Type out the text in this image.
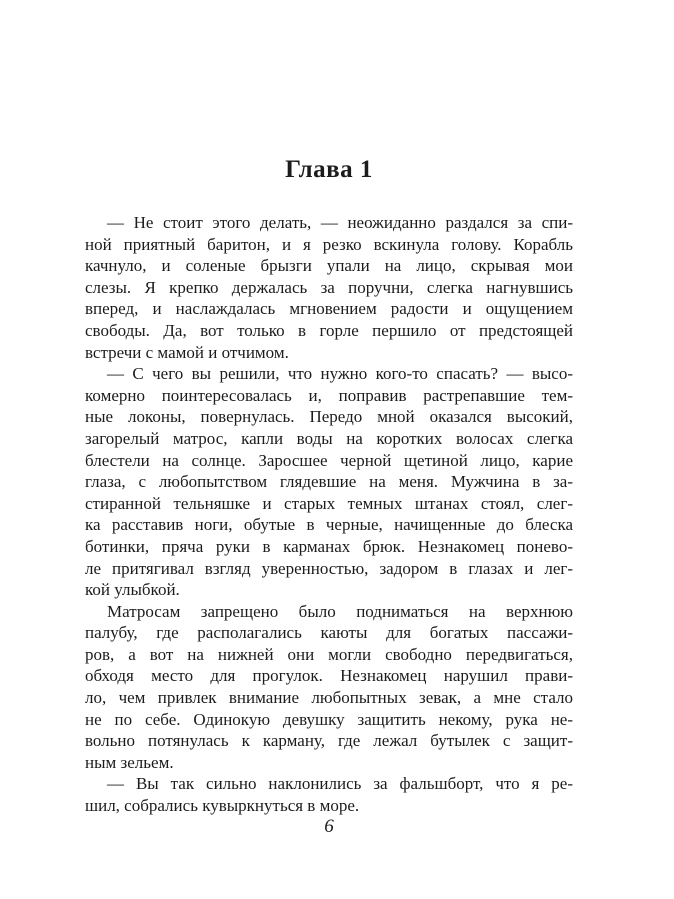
Глава 1
— Не стоит этого делать, — неожиданно раздался за спи-
ной приятный баритон, и я резко вскинула голову. Корабль
качнуло, и соленые брызги упали на лицо, скрывая мои
слезы. Я крепко держалась за поручни, слегка нагнувшись
вперед, и наслаждалась мгновением радости и ощущением
свободы. Да, вот только в горле першило от предстоящей
встречи с мамой и отчимом.
— С чего вы решили, что нужно кого-то спасать? — высо-
комерно поинтересовалась и, поправив растрепавшие тем-
ные локоны, повернулась. Передо мной оказался высокий,
загорелый матрос, капли воды на коротких волосах слегка
блестели на солнце. Заросшее черной щетиной лицо, карие
глаза, с любопытством глядевшие на меня. Мужчина в за-
стиранной тельняшке и старых темных штанах стоял, слег-
ка расставив ноги, обутые в черные, начищенные до блеска
ботинки, пряча руки в карманах брюк. Незнакомец понево-
ле притягивал взгляд уверенностью, задором в глазах и лег-
кой улыбкой.
Матросам запрещено было подниматься на верхнюю
палубу, где располагались каюты для богатых пассажи-
ров, а вот на нижней они могли свободно передвигаться,
обходя место для прогулок. Незнакомец нарушил прави-
ло, чем привлек внимание любопытных зевак, а мне стало
не по себе. Одинокую девушку защитить некому, рука не-
вольно потянулась к карману, где лежал бутылек с защит-
ным зельем.
— Вы так сильно наклонились за фальшборт, что я ре-
шил, собрались кувыркнуться в море.
6
